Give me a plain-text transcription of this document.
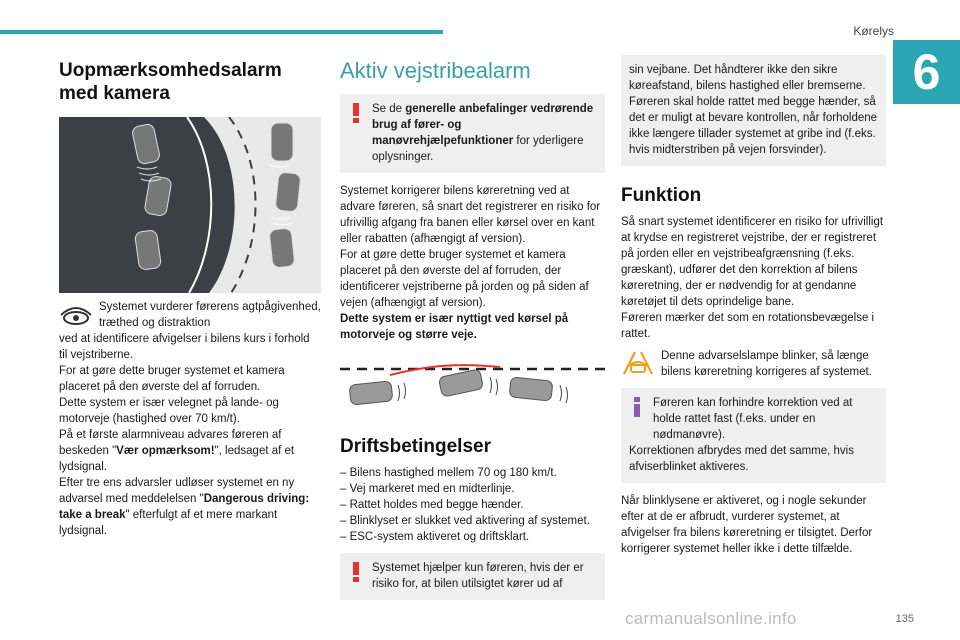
Kørelys
6
Uopmærksomhedsalarm med kamera

Systemet vurderer førerens agtpågivenhed, træthed og distraktion

ved at identificere afvigelser i bilens kurs i forhold til vejstriberne.

For at gøre dette bruger systemet et kamera placeret på den øverste del af forruden.

Dette system er især velegnet på lande- og motorveje (hastighed over 70 km/t).

På et første alarmniveau advares føreren af beskeden "Vær opmærksom!", ledsaget af et lydsignal.

Efter tre ens advarsler udløser systemet en ny advarsel med meddelelsen "Dangerous driving: take a break" efterfulgt af et mere markant lydsignal.

Aktiv vejstribealarm

Se de generelle anbefalinger vedrørende brug af fører- og manøvrehjælpefunktioner for yderligere oplysninger.

Systemet korrigerer bilens køreretning ved at advare føreren, så snart det registrerer en risiko for ufrivillig afgang fra banen eller kørsel over en kant eller rabatten (afhængigt af version).

For at gøre dette bruger systemet et kamera placeret på den øverste del af forruden, der identificerer vejstriberne på jorden og på siden af vejen (afhængigt af version).

Dette system er især nyttigt ved kørsel på motorveje og større veje.

Driftsbetingelser
– Bilens hastighed mellem 70 og 180 km/t.
– Vej markeret med en midterlinje.
– Rattet holdes med begge hænder.
– Blinklyset er slukket ved aktivering af systemet.
– ESC-system aktiveret og driftsklart.

Systemet hjælper kun føreren, hvis der er risiko for, at bilen utilsigtet kører ud af

sin vejbane. Det håndterer ikke den sikre køreafstand, bilens hastighed eller bremserne.

Føreren skal holde rattet med begge hænder, så det er muligt at bevare kontrollen, når forholdene ikke længere tillader systemet at gribe ind (f.eks. hvis midterstriben på vejen forsvinder).

Funktion

Så snart systemet identificerer en risiko for ufrivilligt at krydse en registreret vejstribe, der er registreret på jorden eller en vejstribeafgrænsning (f.eks. græskant), udfører det den korrektion af bilens køreretning, der er nødvendig for at gendanne køretøjet til dets oprindelige bane.

Føreren mærker det som en rotationsbevægelse i rattet.

Denne advarselslampe blinker, så længe bilens køreretning korrigeres af systemet.

Føreren kan forhindre korrektion ved at holde rattet fast (f.eks. under en nødmanøvre).

Korrektionen afbrydes med det samme, hvis afviserblinket aktiveres.

Når blinklysene er aktiveret, og i nogle sekunder efter at de er afbrudt, vurderer systemet, at afvigelser fra bilens køreretning er tilsigtet. Derfor korrigerer systemet heller ikke i dette tilfælde.

carmanualsonline.info	135
